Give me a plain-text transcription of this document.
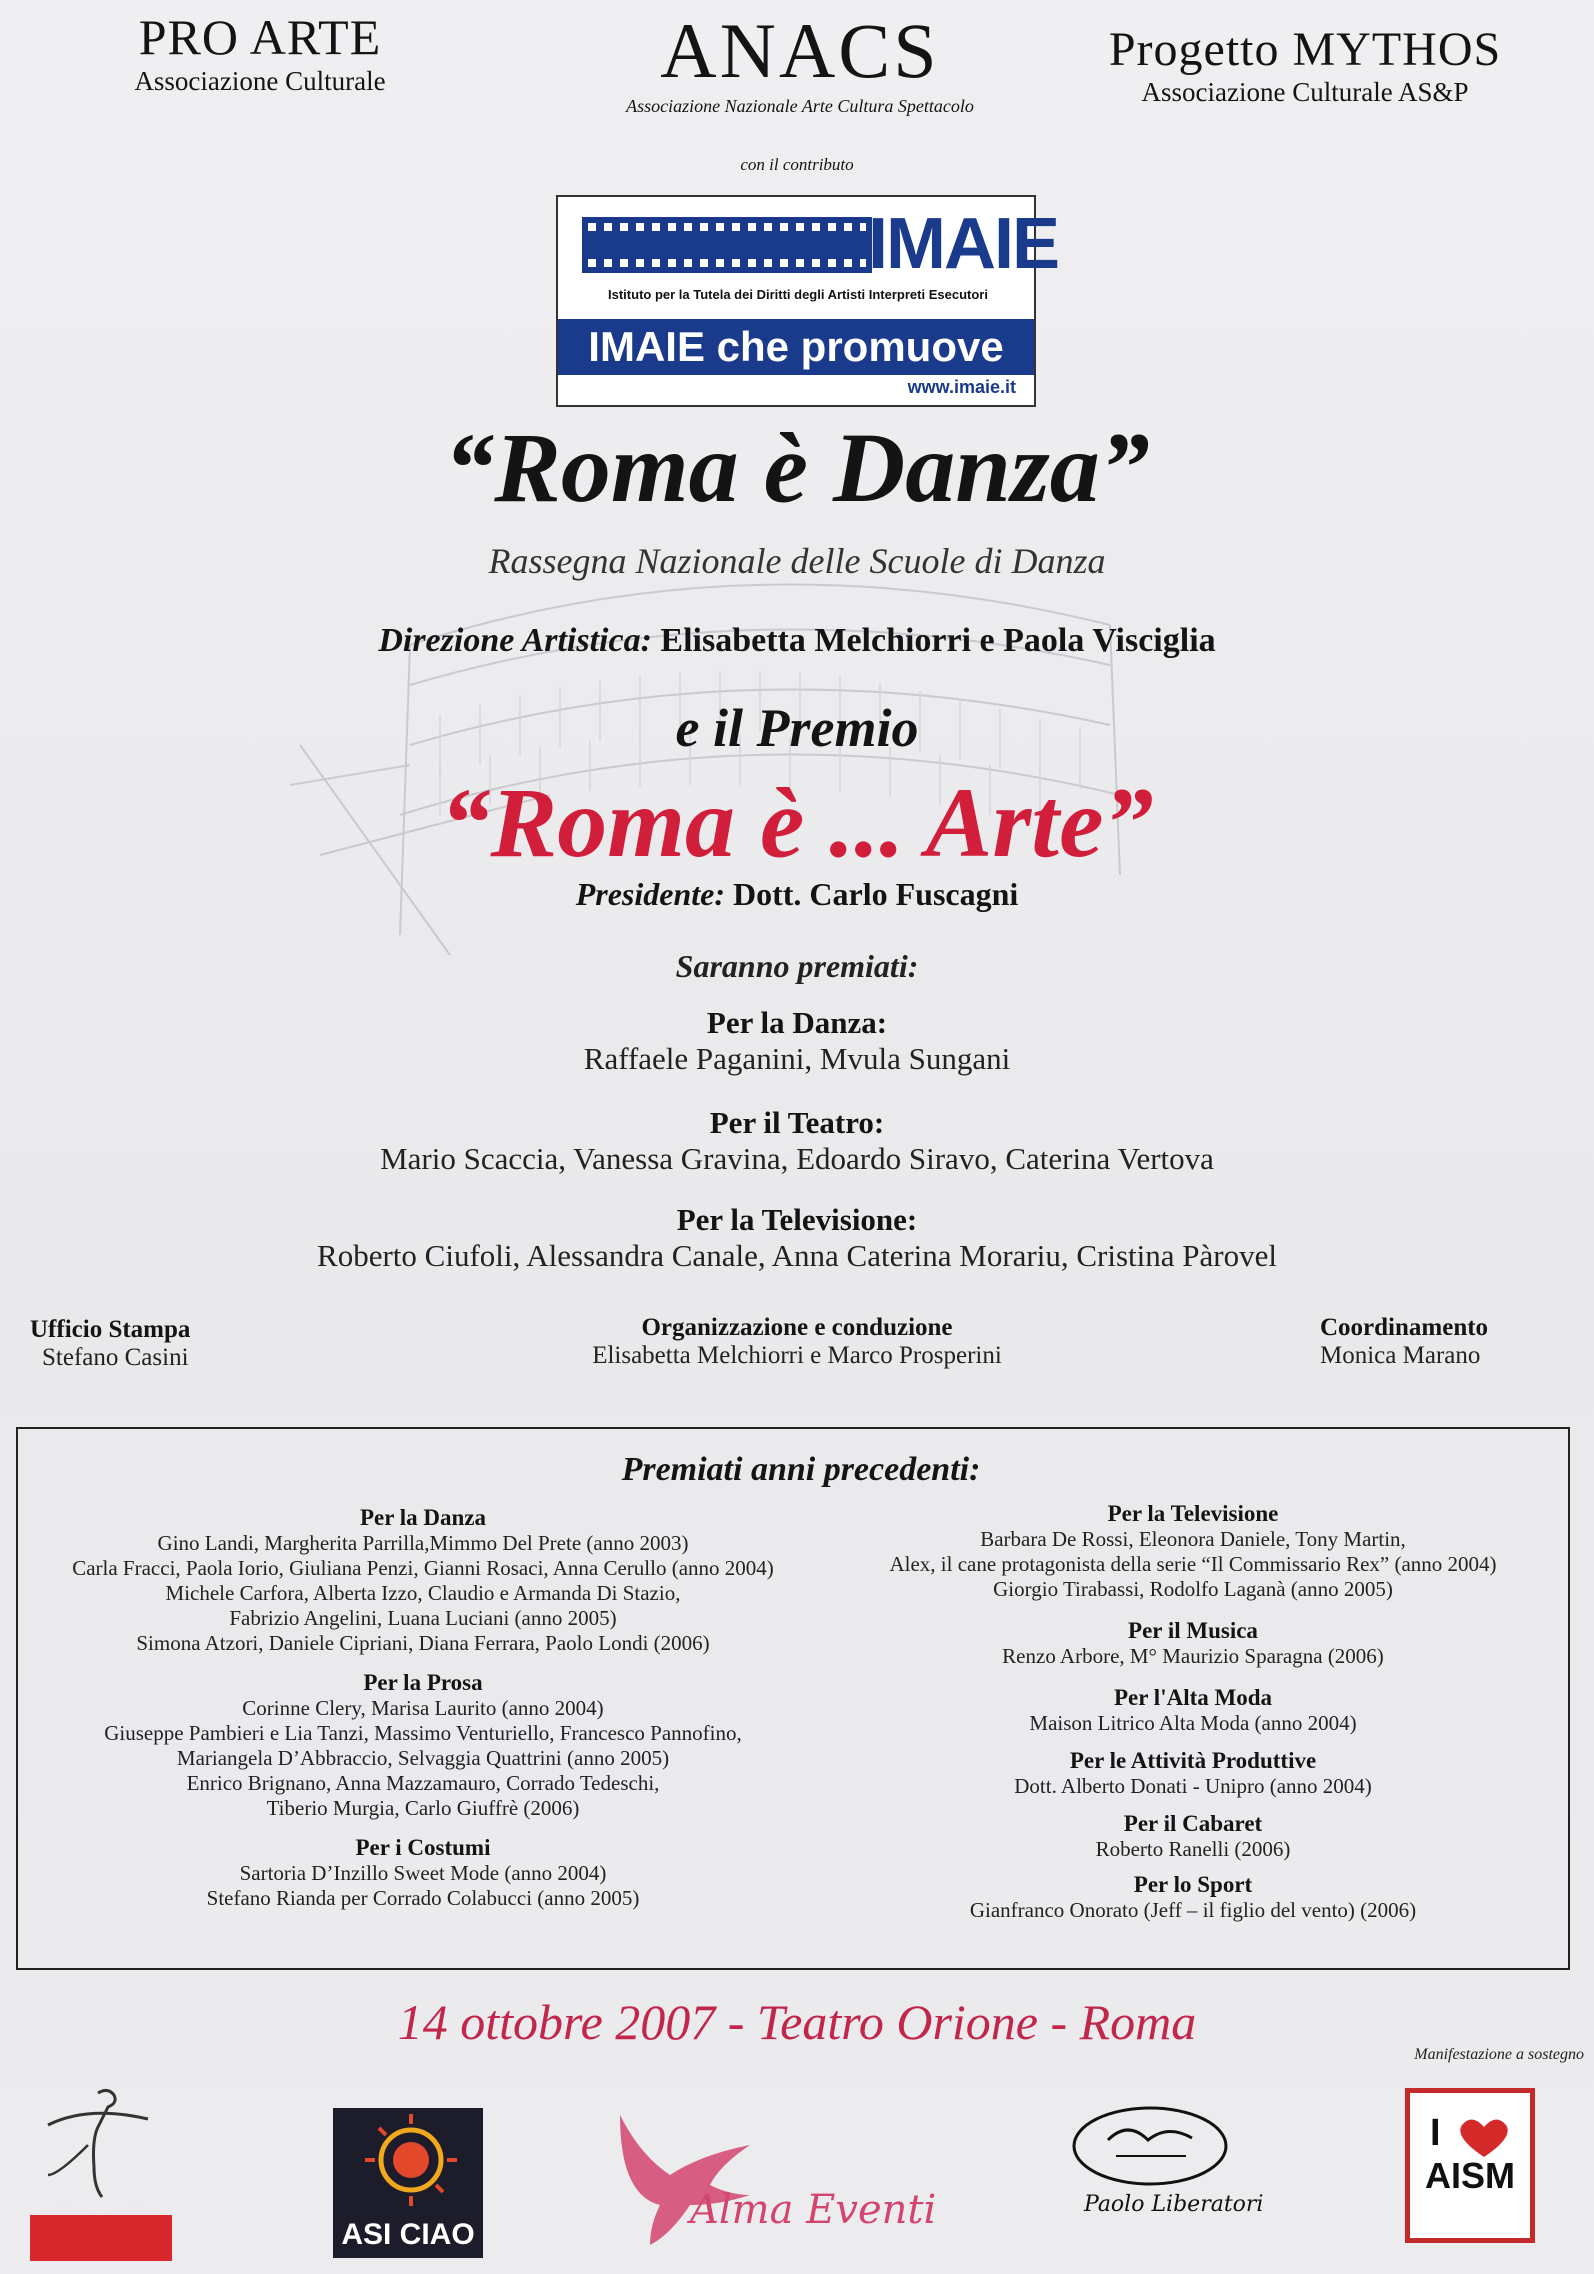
PRO ARTE
Associazione Culturale	ANACS
Associazione Nazionale Arte Cultura Spettacolo
Progetto MYTHOS
Associazione Culturale AS&P
con il contributo
IMAIE
Istituto per la Tutela dei Diritti degli Artisti Interpreti Esecutori
IMAIE che promuove
www.imaie.it
“Roma è Danza”
Rassegna Nazionale delle Scuole di Danza
Direzione Artistica: Elisabetta Melchiorri e Paola Visciglia
e il Premio
“Roma è ... Arte”
Presidente: Dott. Carlo Fuscagni
Saranno premiati:
Per la Danza:
Raffaele Paganini, Mvula Sungani
Per il Teatro:
Mario Scaccia, Vanessa Gravina, Edoardo Siravo, Caterina Vertova
Per la Televisione:
Roberto Ciufoli, Alessandra Canale, Anna Caterina Morariu, Cristina Pàrovel
Ufficio Stampa
Stefano Casini
Organizzazione e conduzione
Elisabetta Melchiorri e Marco Prosperini
Coordinamento
Monica Marano
Premiati anni precedenti:
Per la Danza
Gino Landi, Margherita Parrilla,Mimmo Del Prete (anno 2003)
Carla Fracci, Paola Iorio, Giuliana Penzi, Gianni Rosaci, Anna Cerullo (anno 2004)
Michele Carfora, Alberta Izzo, Claudio e Armanda Di Stazio,
Fabrizio Angelini, Luana Luciani (anno 2005)
Simona Atzori, Daniele Cipriani, Diana Ferrara, Paolo Londi (2006)
Per la Prosa
Corinne Clery, Marisa Laurito (anno 2004)
Giuseppe Pambieri e Lia Tanzi, Massimo Venturiello, Francesco Pannofino,
Mariangela D’Abbraccio, Selvaggia Quattrini (anno 2005)
Enrico Brignano, Anna Mazzamauro, Corrado Tedeschi,
Tiberio Murgia, Carlo Giuffrè (2006)
Per i Costumi
Sartoria D’Inzillo Sweet Mode (anno 2004)
Stefano Rianda per Corrado Colabucci (anno 2005)
Per la Televisione
Barbara De Rossi, Eleonora Daniele, Tony Martin,
Alex, il cane protagonista della serie “Il Commissario Rex” (anno 2004)
Giorgio Tirabassi, Rodolfo Laganà (anno 2005)
Per il Musica
Renzo Arbore, M° Maurizio Sparagna (2006)
Per l'Alta Moda
Maison Litrico Alta Moda (anno 2004)
Per le Attività Produttive
Dott. Alberto Donati - Unipro (anno 2004)
Per il Cabaret
Roberto Ranelli (2006)
Per lo Sport
Gianfranco Onorato (Jeff – il figlio del vento) (2006)
14 ottobre 2007 - Teatro Orione - Roma
Manifestazione a sostegno
ASI CIAO
Alma Eventi	Paolo Liberatori
I
AISM
